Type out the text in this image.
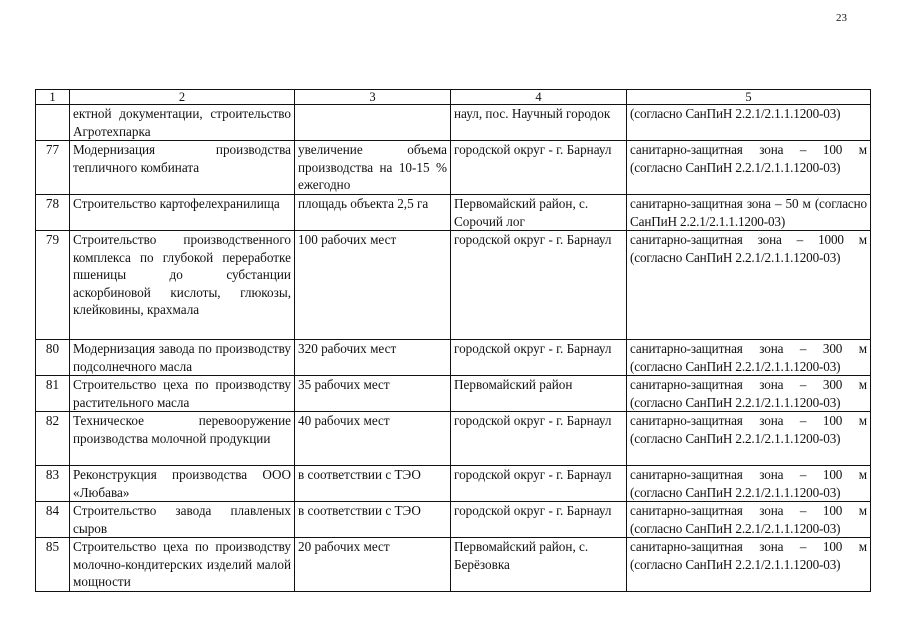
23
1	2	3	4	5
	ектной документации, строительство Агротехпарка		наул, пос. Научный городок	(согласно СанПиН 2.2.1/2.1.1.1200-03)
77	Модернизация производства тепличного комбината	увеличение объема производства на 10-15 % ежегодно	городской округ - г. Барнаул	санитарно-защитная зона – 100 м (согласно СанПиН 2.2.1/2.1.1.1200-03)
78	Строительство картофелехранилища	площадь объекта 2,5 га	Первомайский район, с. Сорочий лог	санитарно-защитная зона – 50 м (согласно СанПиН 2.2.1/2.1.1.1200-03)
79	Строительство производственного комплекса по глубокой переработке пшеницы до субстанции аскорбиновой кислоты, глюкозы, клейковины, крахмала	100 рабочих мест	городской округ - г. Барнаул	санитарно-защитная зона – 1000 м (согласно СанПиН 2.2.1/2.1.1.1200-03)
80	Модернизация завода по производству подсолнечного масла	320 рабочих мест	городской округ - г. Барнаул	санитарно-защитная зона – 300 м (согласно СанПиН 2.2.1/2.1.1.1200-03)
81	Строительство цеха по производству растительного масла	35 рабочих мест	Первомайский район	санитарно-защитная зона – 300 м (согласно СанПиН 2.2.1/2.1.1.1200-03)
82	Техническое перевооружение производства молочной продукции	40 рабочих мест	городской округ - г. Барнаул	санитарно-защитная зона – 100 м (согласно СанПиН 2.2.1/2.1.1.1200-03)
83	Реконструкция производства ООО «Любава»	в соответствии с ТЭО	городской округ - г. Барнаул	санитарно-защитная зона – 100 м (согласно СанПиН 2.2.1/2.1.1.1200-03)
84	Строительство завода плавленых сыров	в соответствии с ТЭО	городской округ - г. Барнаул	санитарно-защитная зона – 100 м (согласно СанПиН 2.2.1/2.1.1.1200-03)
85	Строительство цеха по производству молочно-кондитерских изделий малой мощности	20 рабочих мест	Первомайский район, с. Берёзовка	санитарно-защитная зона – 100 м (согласно СанПиН 2.2.1/2.1.1.1200-03)
